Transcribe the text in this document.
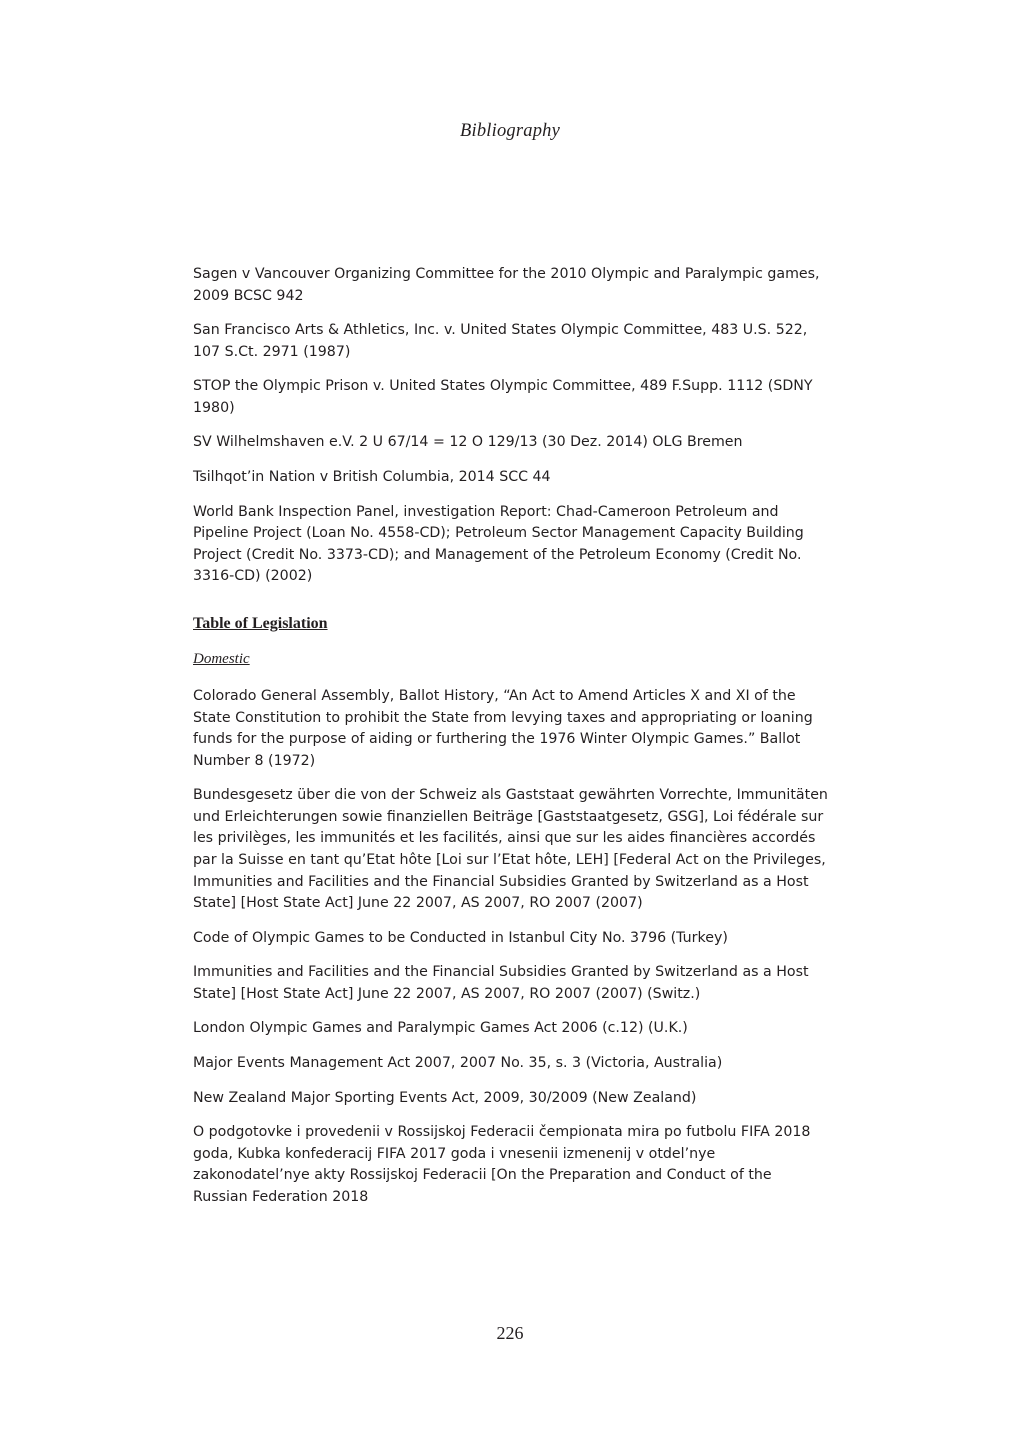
Bibliography

Sagen v Vancouver Organizing Committee for the 2010 Olympic and Paralympic games, 2009 BCSC 942

San Francisco Arts & Athletics, Inc. v. United States Olympic Committee, 483 U.S. 522, 107 S.Ct. 2971 (1987)

STOP the Olympic Prison v. United States Olympic Committee, 489 F.Supp. 1112 (SDNY 1980)

SV Wilhelmshaven e.V. 2 U 67/14 = 12 O 129/13 (30 Dez. 2014) OLG Bremen

Tsilhqot’in Nation v British Columbia, 2014 SCC 44

World Bank Inspection Panel, investigation Report: Chad-Cameroon Petroleum and Pipeline Project (Loan No. 4558-CD); Petroleum Sector Management Capacity Building Project (Credit No. 3373-CD); and Management of the Petroleum Economy (Credit No. 3316-CD) (2002)

Table of Legislation
Domestic

Colorado General Assembly, Ballot History, “An Act to Amend Articles X and XI of the State Constitution to prohibit the State from levying taxes and appropriating or loaning funds for the purpose of aiding or furthering the 1976 Winter Olympic Games.” Ballot Number 8 (1972)

Bundesgesetz über die von der Schweiz als Gaststaat gewährten Vorrechte, Immunitäten und Erleichterungen sowie finanziellen Beiträge [Gaststaatgesetz, GSG], Loi fédérale sur les privilèges, les immunités et les facilités, ainsi que sur les aides financières accordés par la Suisse en tant qu’Etat hôte [Loi sur l’Etat hôte, LEH] [Federal Act on the Privileges, Immunities and Facilities and the Financial Subsidies Granted by Switzerland as a Host State] [Host State Act] June 22 2007, AS 2007, RO 2007 (2007)

Code of Olympic Games to be Conducted in Istanbul City No. 3796 (Turkey)

Immunities and Facilities and the Financial Subsidies Granted by Switzerland as a Host State] [Host State Act] June 22 2007, AS 2007, RO 2007 (2007) (Switz.)

London Olympic Games and Paralympic Games Act 2006 (c.12) (U.K.)

Major Events Management Act 2007, 2007 No. 35, s. 3 (Victoria, Australia)

New Zealand Major Sporting Events Act, 2009, 30/2009 (New Zealand)

O podgotovke i provedenii v Rossijskoj Federacii čempionata mira po futbolu FIFA 2018 goda, Kubka konfederacij FIFA 2017 goda i vnesenii izmenenij v otdel’nye zakonodatel’nye akty Rossijskoj Federacii [On the Preparation and Conduct of the Russian Federation 2018

226
